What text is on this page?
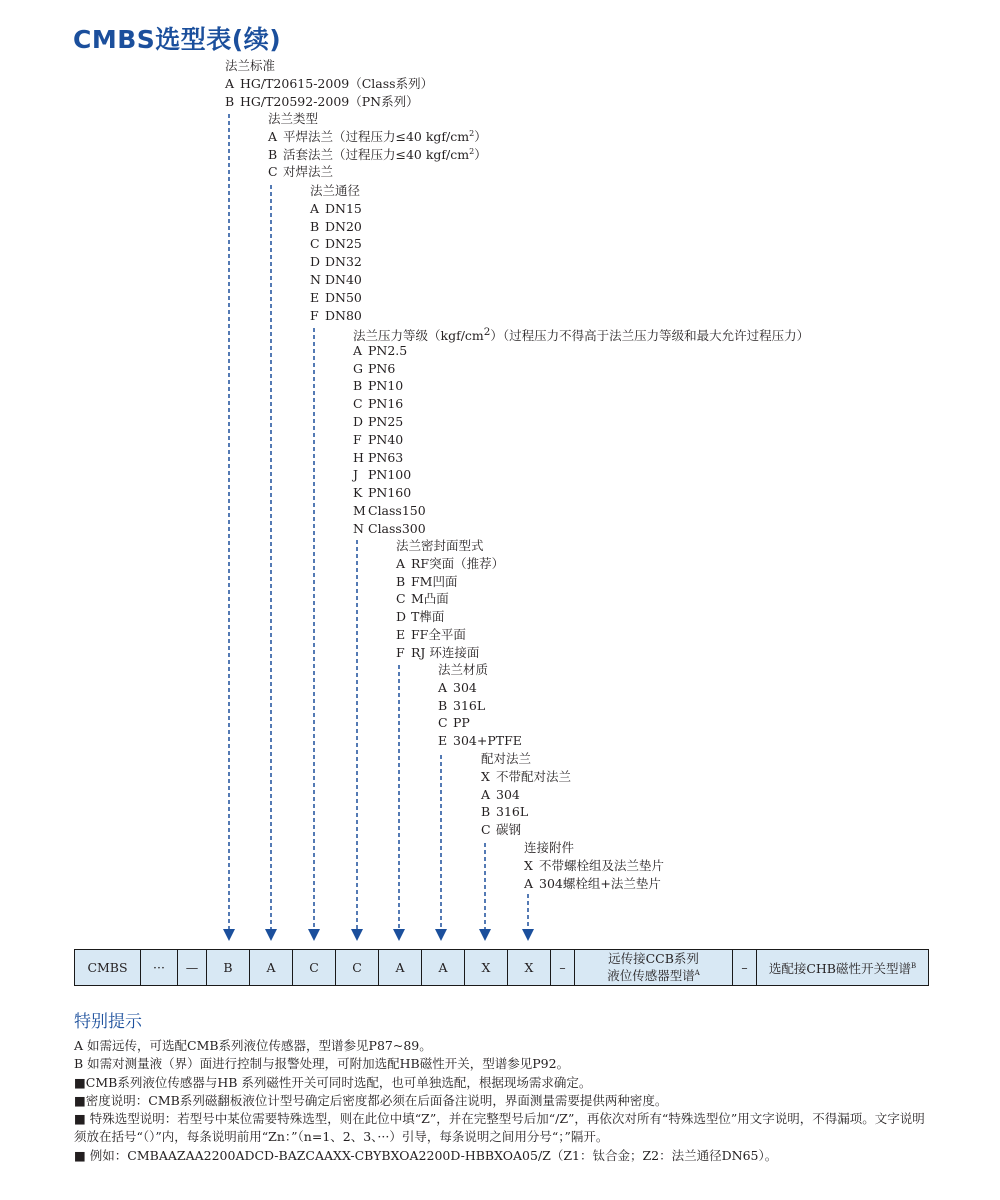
CMBS选型表(续)
法兰标准
A HG/T20615-2009（Class系列）
B HG/T20592-2009（PN系列）
法兰类型
A 平焊法兰（过程压力≤40 kgf/$cm^2$）
B 活套法兰（过程压力≤40 kgf/$cm^2$）
C 对焊法兰
法兰通径
A DN15
B DN20
C DN25
D DN32
N DN40
E DN50
F DN80
法兰压力等级$(kgf/cm^2)$（过程压力不得高于法兰压力等级和最大允许过程压力）
A PN2.5
G PN6
B PN10
C PN16
D PN25
F PN40
H PN63
J PN100
K PN160
M Class150
N Class300
法兰密封面型式
A RF突面（推荐）
B FM凹面
C M凸面
D T榫面
E FF全平面
F RJ 环连接面
法兰材质
A 304
B 316L
C PP
E 304+PTFE
配对法兰
X 不带配对法兰
A 304
B 316L
C 碳钢
连接附件
X 不带螺栓组及法兰垫片
A 304螺栓组+法兰垫片
CMBS ··· — B	A	C	C	A	A	X	X –
远传接CCB系列
液位传感器型谱$^A$	– 选配接CHB磁性开关型谱$^B$
特别提示

A 如需远传，可选配CMB系列液位传感器，型谱参见P87~89。

B 如需对测量液（界）面进行控制与报警处理，可附加选配HB磁性开关，型谱参见P92。

■CMB系列液位传感器与HB 系列磁性开关可同时选配，也可单独选配，根据现场需求确定。

■密度说明：CMB系列磁翻板液位计型号确定后密度都必须在后面备注说明，界面测量需要提供两种密度。

■ 特殊选型说明：若型号中某位需要特殊选型，则在此位中填“Z”，并在完整型号后加“/Z”，再依次对所有“特殊选型位”用文字说明，不得漏项。文字说明须放在括号“（）”内，每条说明前用“Zn：”（n=1、2、3、···）引导，每条说明之间用分号“；”隔开。

■ 例如：CMBAAZAA2200ADCD-BAZCAAXX-CBYBXOA2200D-HBBXOA05/Z（Z1：钛合金；Z2：法兰通径DN65）。
